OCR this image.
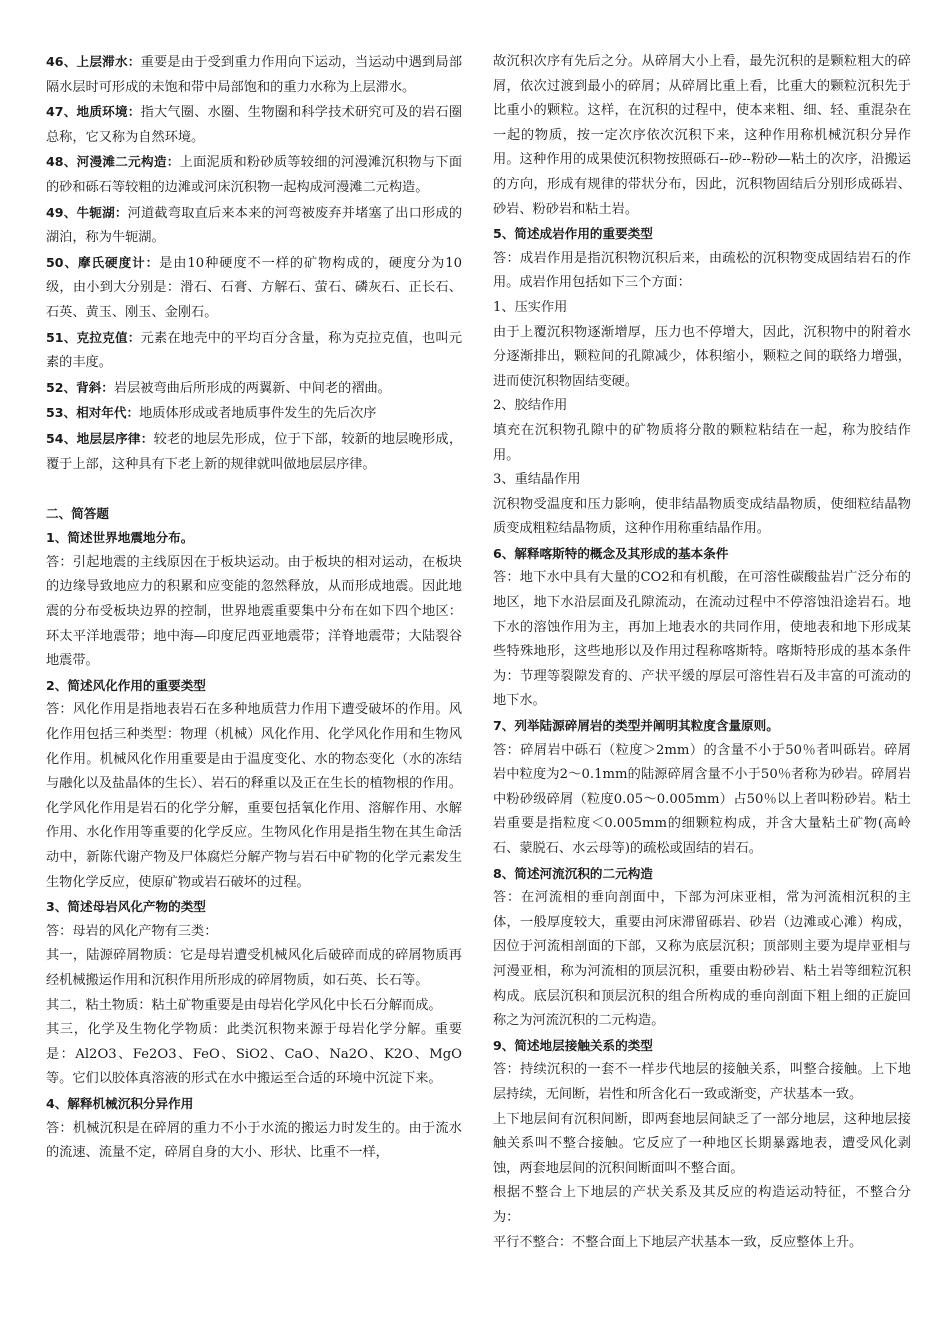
46、上层滞水：重要是由于受到重力作用向下运动，当运动中遇到局部隔水层时可形成的未饱和带中局部饱和的重力水称为上层滞水。

47、地质环境：指大气圈、水圈、生物圈和科学技术研究可及的岩石圈总称，它又称为自然环境。

48、河漫滩二元构造：上面泥质和粉砂质等较细的河漫滩沉积物与下面的砂和砾石等较粗的边滩或河床沉积物一起构成河漫滩二元构造。

49、牛轭湖：河道截弯取直后来本来的河弯被废弃并堵塞了出口形成的湖泊，称为牛轭湖。

50、摩氏硬度计：是由10种硬度不一样的矿物构成的，硬度分为10级，由小到大分别是：滑石、石膏、方解石、萤石、磷灰石、正长石、石英、黄玉、刚玉、金刚石。

51、克拉克值：元素在地壳中的平均百分含量，称为克拉克值，也叫元素的丰度。

52、背斜：岩层被弯曲后所形成的两翼新、中间老的褶曲。

53、相对年代：地质体形成或者地质事件发生的先后次序

54、地层层序律：较老的地层先形成，位于下部，较新的地层晚形成，覆于上部，这种具有下老上新的规律就叫做地层层序律。

二、简答题

1、简述世界地震地分布。

答：引起地震的主线原因在于板块运动。由于板块的相对运动，在板块的边缘导致地应力的积累和应变能的忽然释放，从而形成地震。因此地震的分布受板块边界的控制，世界地震重要集中分布在如下四个地区：环太平洋地震带；地中海—印度尼西亚地震带；洋脊地震带；大陆裂谷地震带。

2、简述风化作用的重要类型

答：风化作用是指地表岩石在多种地质营力作用下遭受破坏的作用。风化作用包括三种类型：物理（机械）风化作用、化学风化作用和生物风化作用。机械风化作用重要是由于温度变化、水的物态变化（水的冻结与融化以及盐晶体的生长）、岩石的释重以及正在生长的植物根的作用。化学风化作用是岩石的化学分解，重要包括氧化作用、溶解作用、水解作用、水化作用等重要的化学反应。生物风化作用是指生物在其生命活动中，新陈代谢产物及尸体腐烂分解产物与岩石中矿物的化学元素发生生物化学反应，使原矿物或岩石破坏的过程。

3、简述母岩风化产物的类型

答：母岩的风化产物有三类：

其一，陆源碎屑物质：它是母岩遭受机械风化后破碎而成的碎屑物质再经机械搬运作用和沉积作用所形成的碎屑物质，如石英、长石等。

其二，粘土物质：粘土矿物重要是由母岩化学风化中长石分解而成。

其三，化学及生物化学物质：此类沉积物来源于母岩化学分解。重要是：Al2O3、Fe2O3、FeO、SiO2、CaO、Na2O、K2O、MgO等。它们以胶体真溶液的形式在水中搬运至合适的环境中沉淀下来。

4、解释机械沉积分异作用

答：机械沉积是在碎屑的重力不小于水流的搬运力时发生的。由于流水的流速、流量不定，碎屑自身的大小、形状、比重不一样，

故沉积次序有先后之分。从碎屑大小上看，最先沉积的是颗粒粗大的碎屑，依次过渡到最小的碎屑；从碎屑比重上看，比重大的颗粒沉积先于比重小的颗粒。这样，在沉积的过程中，使本来粗、细、轻、重混杂在一起的物质，按一定次序依次沉积下来，这种作用称机械沉积分异作用。这种作用的成果使沉积物按照砾石--砂--粉砂—粘土的次序，沿搬运的方向，形成有规律的带状分布，因此，沉积物固结后分别形成砾岩、砂岩、粉砂岩和粘土岩。

5、简述成岩作用的重要类型

答：成岩作用是指沉积物沉积后来，由疏松的沉积物变成固结岩石的作用。成岩作用包括如下三个方面：

1、压实作用

由于上覆沉积物逐渐增厚，压力也不停增大，因此，沉积物中的附着水分逐渐排出，颗粒间的孔隙减少，体积缩小，颗粒之间的联络力增强，进而使沉积物固结变硬。

2、胶结作用

填充在沉积物孔隙中的矿物质将分散的颗粒粘结在一起，称为胶结作用。

3、重结晶作用

沉积物受温度和压力影响，使非结晶物质变成结晶物质，使细粒结晶物质变成粗粒结晶物质，这种作用称重结晶作用。

6、解释喀斯特的概念及其形成的基本条件

答：地下水中具有大量的CO2和有机酸，在可溶性碳酸盐岩广泛分布的地区，地下水沿层面及孔隙流动，在流动过程中不停溶蚀沿途岩石。地下水的溶蚀作用为主，再加上地表水的共同作用，使地表和地下形成某些特殊地形，这些地形以及作用过程称喀斯特。喀斯特形成的基本条件为：节理等裂隙发育的、产状平缓的厚层可溶性岩石及丰富的可流动的地下水。

7、列举陆源碎屑岩的类型并阐明其粒度含量原则。

答：碎屑岩中砾石（粒度＞2mm）的含量不小于50％者叫砾岩。碎屑岩中粒度为2～0.1mm的陆源碎屑含量不小于50％者称为砂岩。碎屑岩中粉砂级碎屑（粒度0.05～0.005mm）占50％以上者叫粉砂岩。粘土岩重要是指粒度＜0.005mm的细颗粒构成，并含大量粘土矿物(高岭石、蒙脱石、水云母等)的疏松或固结的岩石。

8、简述河流沉积的二元构造

答：在河流相的垂向剖面中，下部为河床亚相，常为河流相沉积的主体，一般厚度较大，重要由河床滞留砾岩、砂岩（边滩或心滩）构成，因位于河流相剖面的下部，又称为底层沉积；顶部则主要为堤岸亚相与河漫亚相，称为河流相的顶层沉积，重要由粉砂岩、粘土岩等细粒沉积构成。底层沉积和顶层沉积的组合所构成的垂向剖面下粗上细的正旋回称之为河流沉积的二元构造。

9、简述地层接触关系的类型

答：持续沉积的一套不一样步代地层的接触关系，叫整合接触。上下地层持续，无间断，岩性和所含化石一致或渐变，产状基本一致。

上下地层间有沉积间断，即两套地层间缺乏了一部分地层，这种地层接触关系叫不整合接触。它反应了一种地区长期暴露地表，遭受风化剥蚀，两套地层间的沉积间断面叫不整合面。

根据不整合上下地层的产状关系及其反应的构造运动特征，不整合分为：

平行不整合：不整合面上下地层产状基本一致，反应整体上升。
